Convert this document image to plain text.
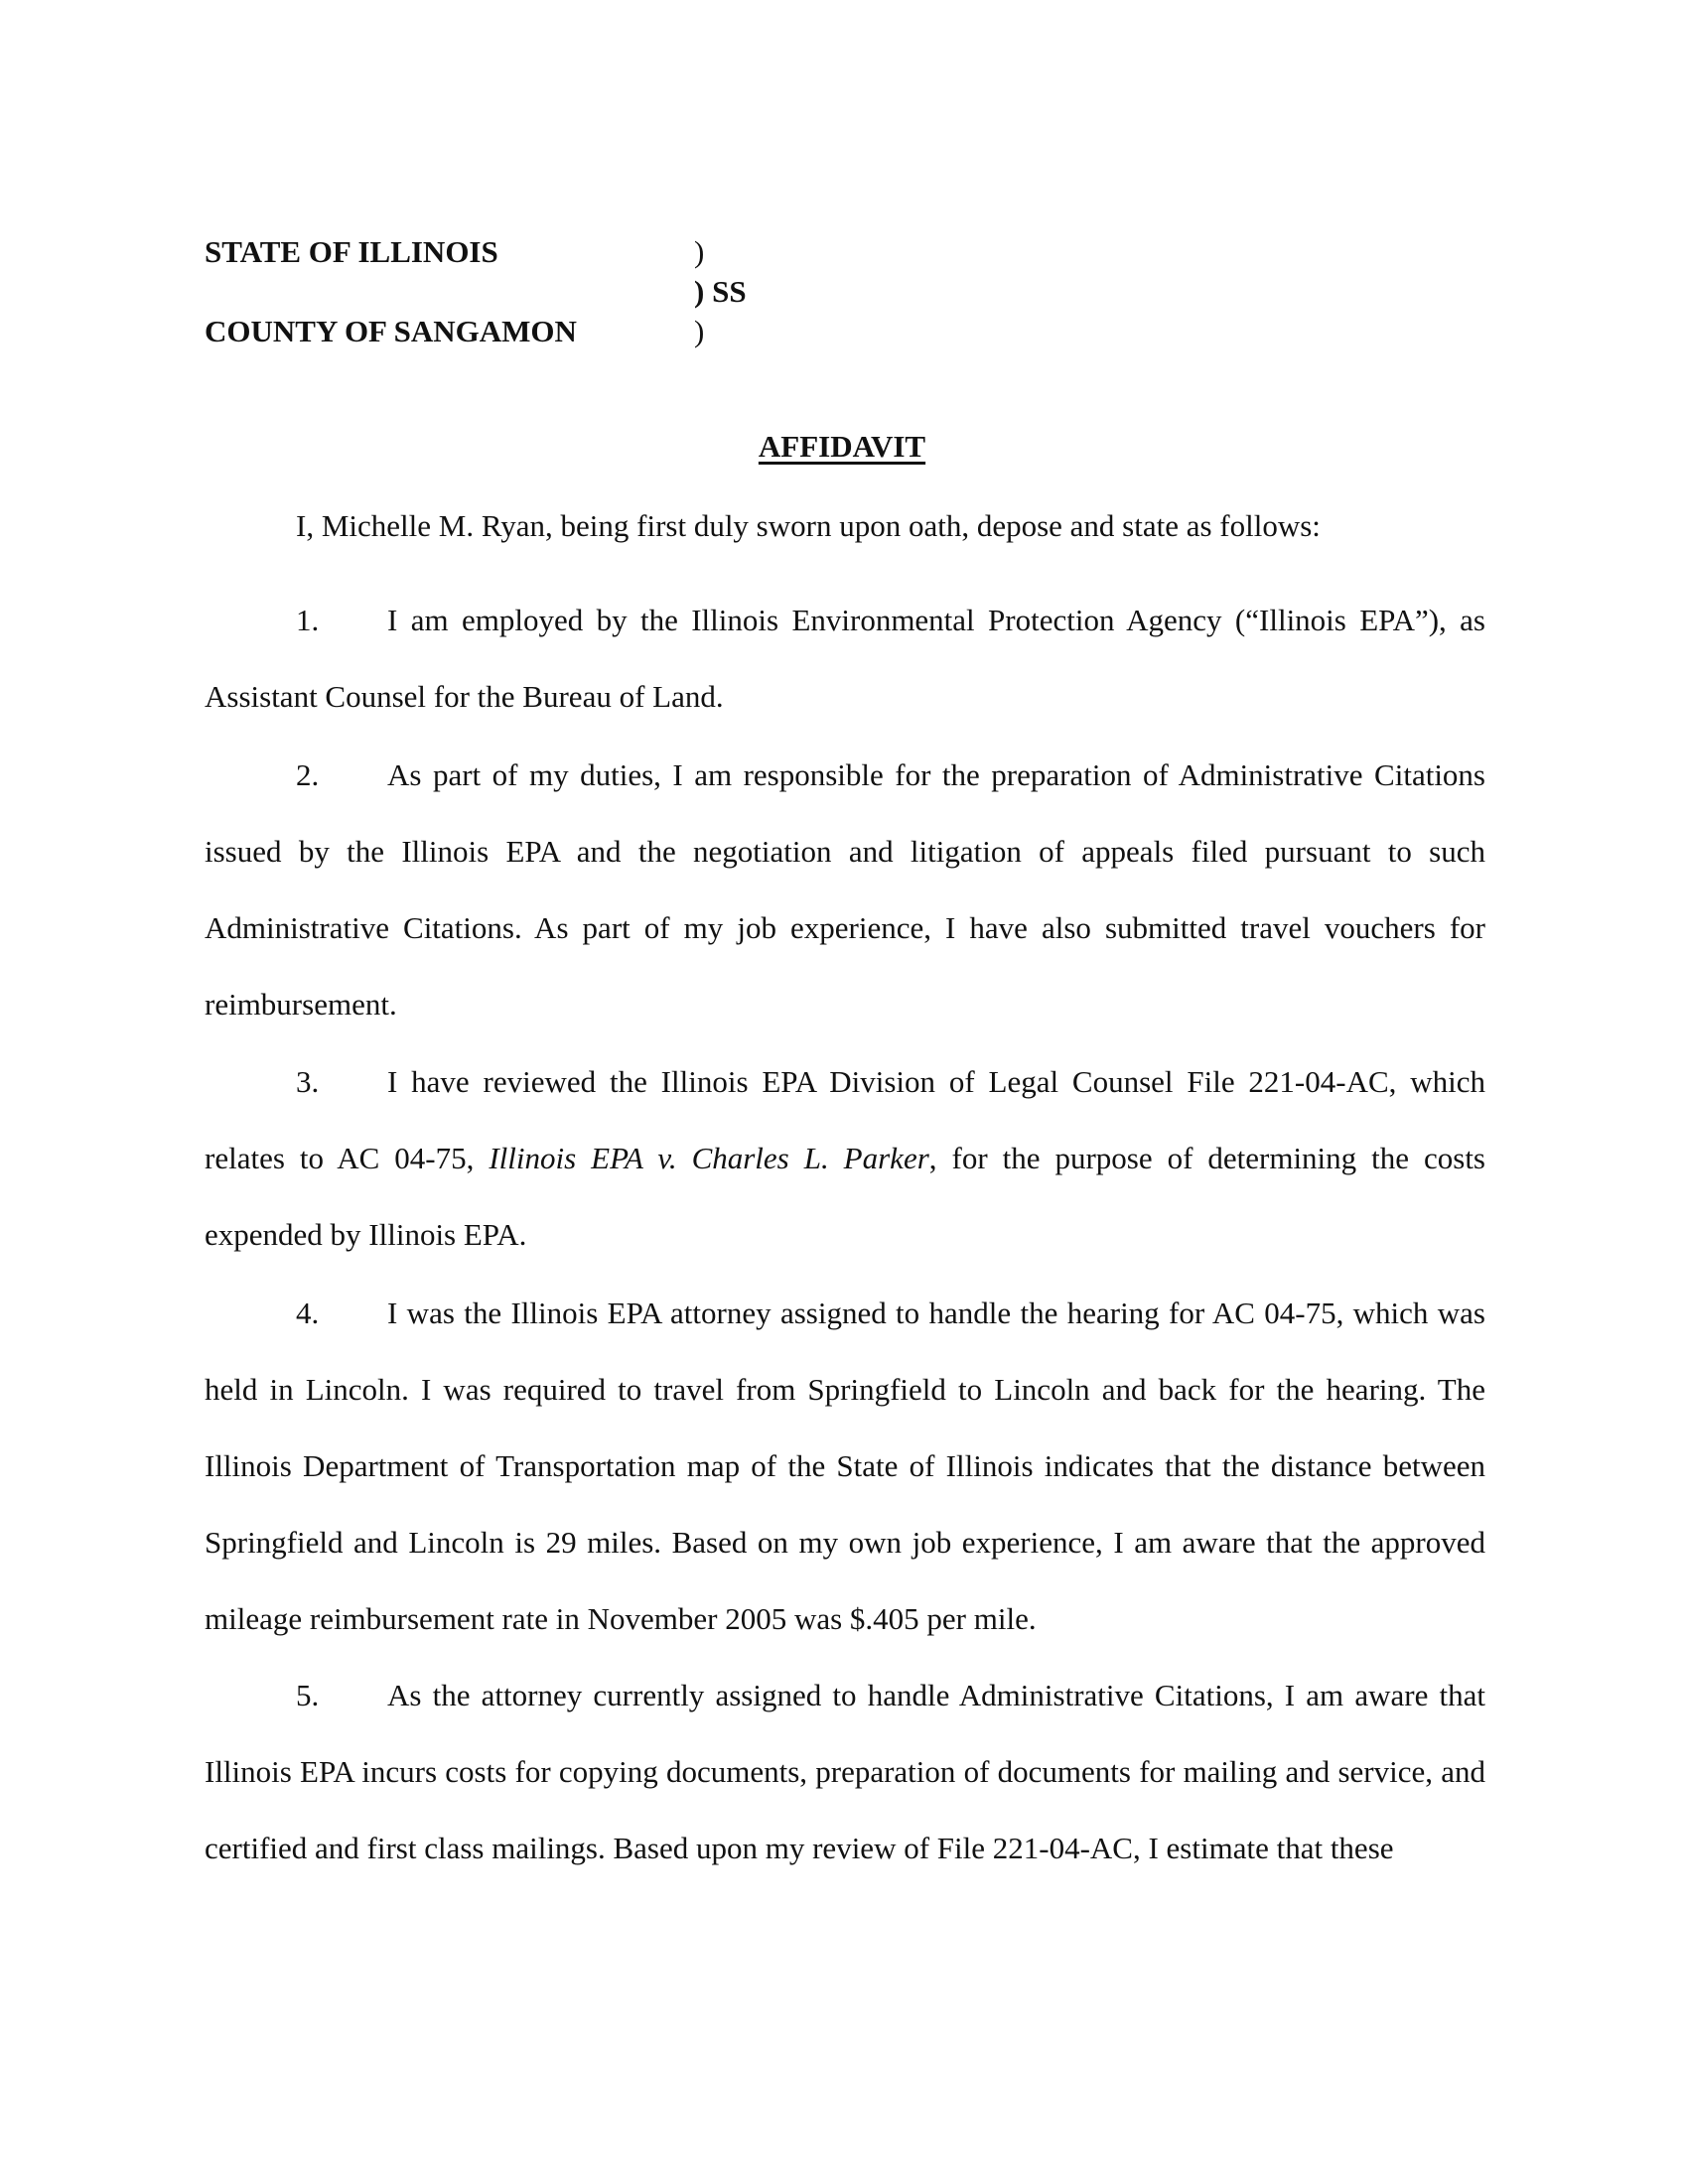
STATE OF ILLINOIS	)
) SS
COUNTY OF SANGAMON	)
AFFIDAVIT
I, Michelle M. Ryan, being first duly sworn upon oath, depose and state as follows:
1. I am employed by the Illinois Environmental Protection Agency (“Illinois EPA”), as Assistant Counsel for the Bureau of Land.
2. As part of my duties, I am responsible for the preparation of Administrative Citations issued by the Illinois EPA and the negotiation and litigation of appeals filed pursuant to such Administrative Citations. As part of my job experience, I have also submitted travel vouchers for reimbursement.
3. I have reviewed the Illinois EPA Division of Legal Counsel File 221-04-AC, which relates to AC 04-75, Illinois EPA v. Charles L. Parker, for the purpose of determining the costs expended by Illinois EPA.
4. I was the Illinois EPA attorney assigned to handle the hearing for AC 04-75, which was held in Lincoln. I was required to travel from Springfield to Lincoln and back for the hearing. The Illinois Department of Transportation map of the State of Illinois indicates that the distance between Springfield and Lincoln is 29 miles. Based on my own job experience, I am aware that the approved mileage reimbursement rate in November 2005 was $.405 per mile.
5. As the attorney currently assigned to handle Administrative Citations, I am aware that Illinois EPA incurs costs for copying documents, preparation of documents for mailing and service, and certified and first class mailings. Based upon my review of File 221-04-AC, I estimate that these
